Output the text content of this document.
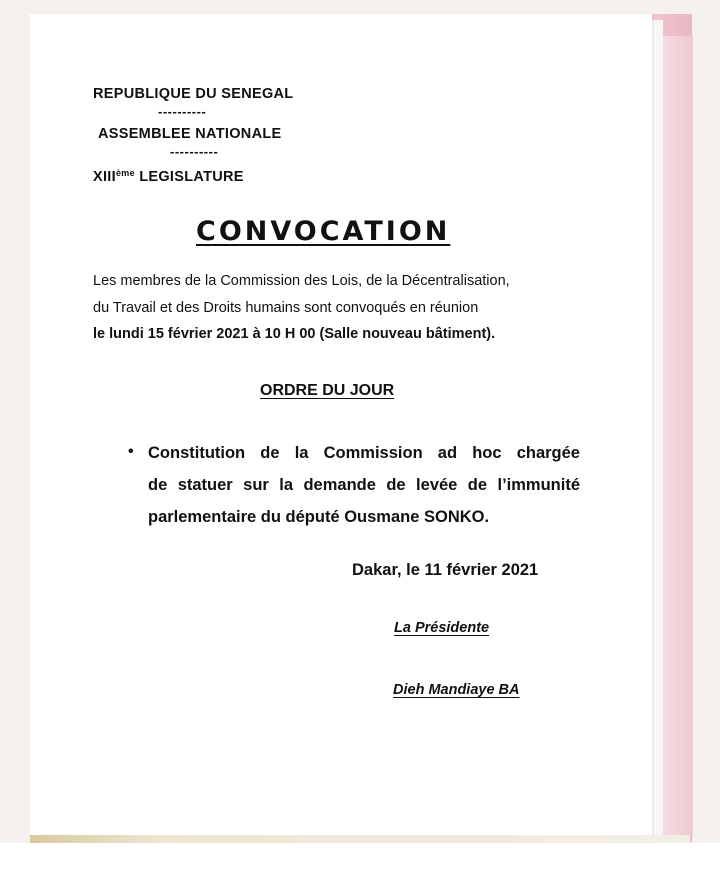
REPUBLIQUE DU SENEGAL
----------
ASSEMBLEE NATIONALE
----------
XIIIème LEGISLATURE
CONVOCATION
Les membres de la Commission des Lois, de la Décentralisation,
du Travail et des Droits humains sont convoqués en réunion
le lundi 15 février 2021 à 10 H 00 (Salle nouveau bâtiment).
ORDRE DU JOUR
• Constitution de la Commission ad hoc chargée
de statuer sur la demande de levée de l’immunité
parlementaire du député Ousmane SONKO.
Dakar, le 11 février 2021
La Présidente
Dieh Mandiaye BA
